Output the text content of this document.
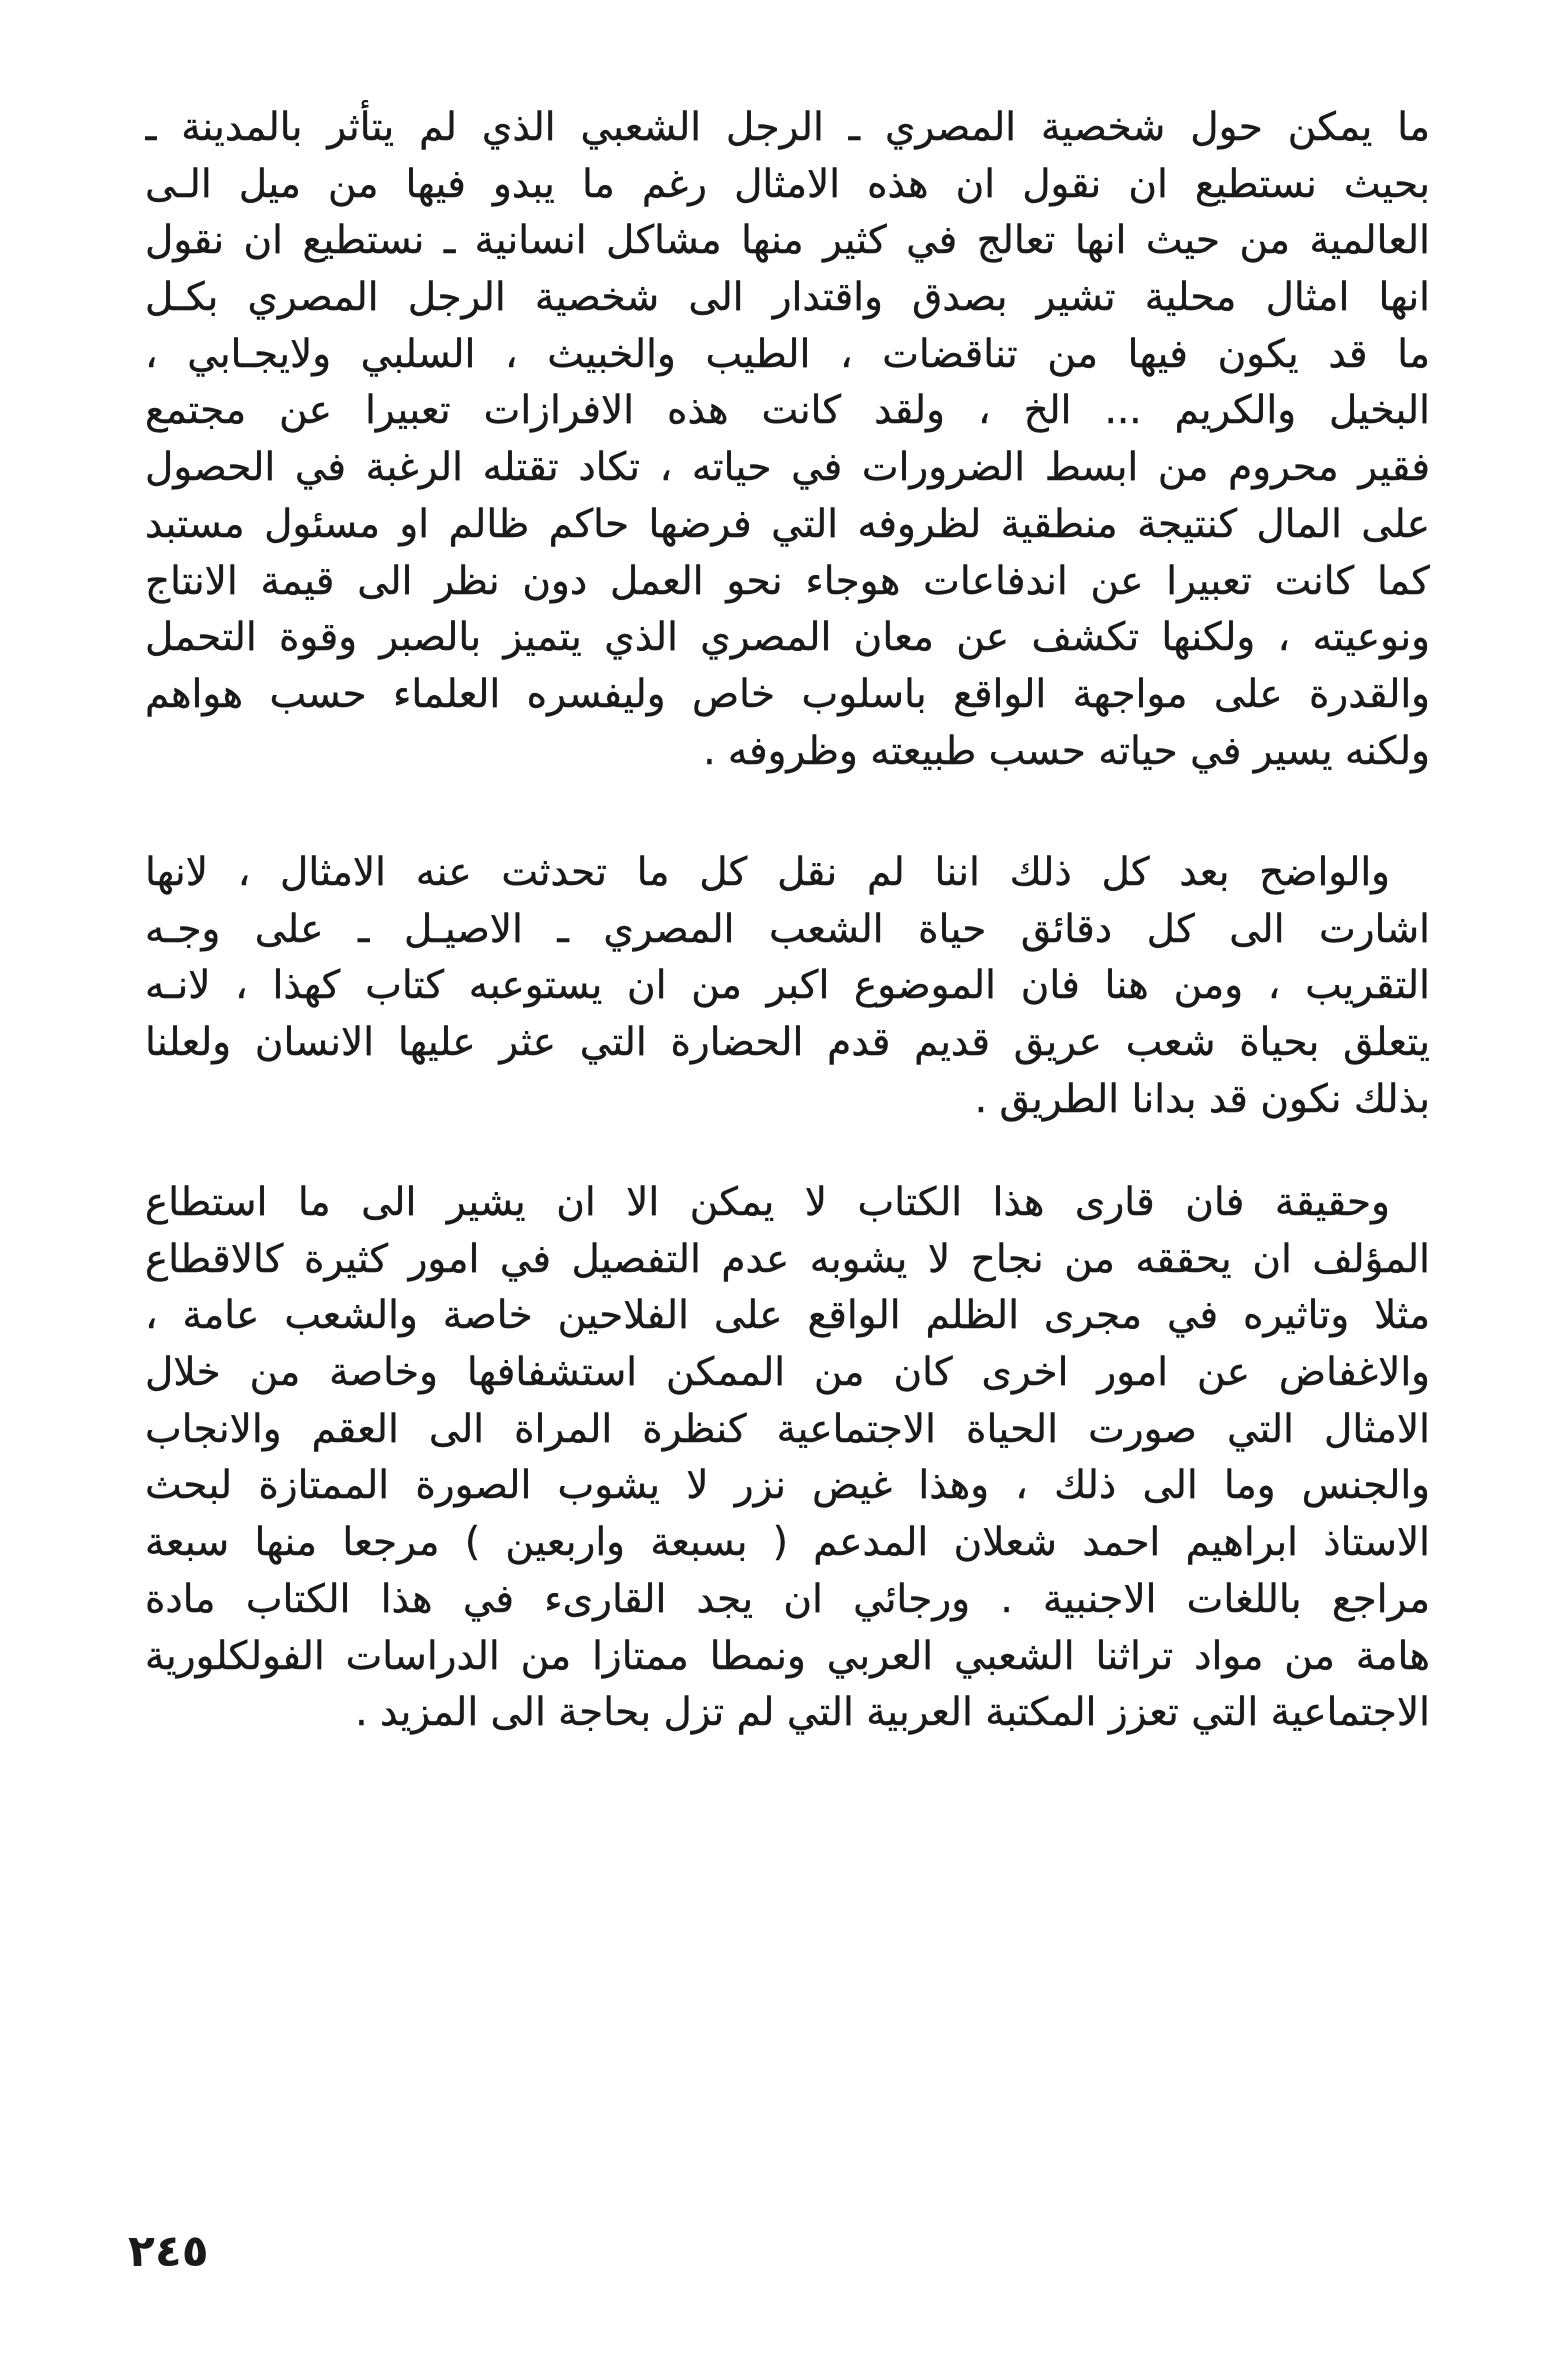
ما يمكن حول شخصية المصري ـ الرجل الشعبي الذي لم يتأثر بالمدينة ـ
بحيث نستطيع ان نقول ان هذه الامثال رغم ما يبدو فيها من ميل الـى
العالمية من حيث انها تعالج في كثير منها مشاكل انسانية ـ نستطيع ان نقول
انها امثال محلية تشير بصدق واقتدار الى شخصية الرجل المصري بكـل
ما قد يكون فيها من تناقضات ، الطيب والخبيث ، السلبي ولايجـابي ،
البخيل والكريم ... الخ ، ولقد كانت هذه الافرازات تعبيرا عن مجتمع
فقير محروم من ابسط الضرورات في حياته ، تكاد تقتله الرغبة في الحصول
على المال كنتيجة منطقية لظروفه التي فرضها حاكم ظالم او مسئول مستبد
كما كانت تعبيرا عن اندفاعات هوجاء نحو العمل دون نظر الى قيمة الانتاج
ونوعيته ، ولكنها تكشف عن معان المصري الذي يتميز بالصبر وقوة التحمل
والقدرة على مواجهة الواقع باسلوب خاص وليفسره العلماء حسب هواهم
ولكنه يسير في حياته حسب طبيعته وظروفه .
والواضح بعد كل ذلك اننا لم نقل كل ما تحدثت عنه الامثال ، لانها
اشارت الى كل دقائق حياة الشعب المصري ـ الاصيـل ـ على وجـه
التقريب ، ومن هنا فان الموضوع اكبر من ان يستوعبه كتاب كهذا ، لانـه
يتعلق بحياة شعب عريق قديم قدم الحضارة التي عثر عليها الانسان ولعلنا
بذلك نكون قد بدانا الطريق .
وحقيقة فان قارى هذا الكتاب لا يمكن الا ان يشير الى ما استطاع
المؤلف ان يحققه من نجاح لا يشوبه عدم التفصيل في امور كثيرة كالاقطاع
مثلا وتاثيره في مجرى الظلم الواقع على الفلاحين خاصة والشعب عامة ،
والاغفاض عن امور اخرى كان من الممكن استشفافها وخاصة من خلال
الامثال التي صورت الحياة الاجتماعية كنظرة المراة الى العقم والانجاب
والجنس وما الى ذلك ، وهذا غيض نزر لا يشوب الصورة الممتازة لبحث
الاستاذ ابراهيم احمد شعلان المدعم ( بسبعة واربعين ) مرجعا منها سبعة
مراجع باللغات الاجنبية . ورجائي ان يجد القارىء في هذا الكتاب مادة
هامة من مواد تراثنا الشعبي العربي ونمطا ممتازا من الدراسات الفولكلورية
الاجتماعية التي تعزز المكتبة العربية التي لم تزل بحاجة الى المزيد .
٢٤٥
